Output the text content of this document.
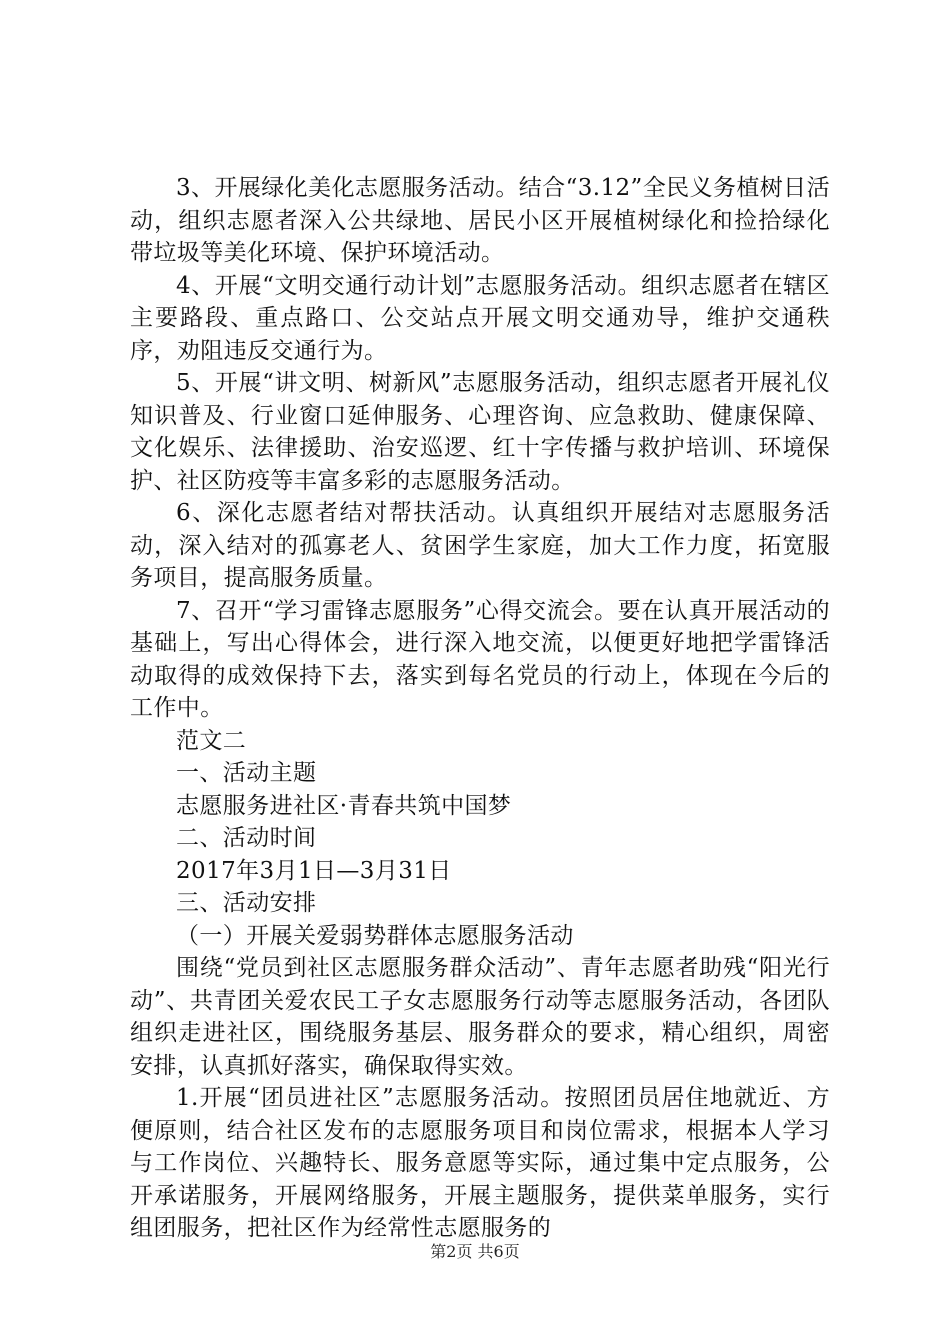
3、开展绿化美化志愿服务活动。结合“3.12”全民义务植树日活动，组织志愿者深入公共绿地、居民小区开展植树绿化和捡拾绿化带垃圾等美化环境、保护环境活动。

4、开展“文明交通行动计划”志愿服务活动。组织志愿者在辖区主要路段、重点路口、公交站点开展文明交通劝导，维护交通秩序，劝阻违反交通行为。

5、开展“讲文明、树新风”志愿服务活动，组织志愿者开展礼仪知识普及、行业窗口延伸服务、心理咨询、应急救助、健康保障、文化娱乐、法律援助、治安巡逻、红十字传播与救护培训、环境保护、社区防疫等丰富多彩的志愿服务活动。

6、深化志愿者结对帮扶活动。认真组织开展结对志愿服务活动，深入结对的孤寡老人、贫困学生家庭，加大工作力度，拓宽服务项目，提高服务质量。

7、召开“学习雷锋志愿服务”心得交流会。要在认真开展活动的基础上，写出心得体会，进行深入地交流，以便更好地把学雷锋活动取得的成效保持下去，落实到每名党员的行动上，体现在今后的工作中。

范文二

一、活动主题

志愿服务进社区·青春共筑中国梦

二、活动时间

2017年3月1日—3月31日

三、活动安排

（一）开展关爱弱势群体志愿服务活动

围绕“党员到社区志愿服务群众活动”、青年志愿者助残“阳光行动”、共青团关爱农民工子女志愿服务行动等志愿服务活动，各团队组织走进社区，围绕服务基层、服务群众的要求，精心组织，周密安排，认真抓好落实，确保取得实效。

1.开展“团员进社区”志愿服务活动。按照团员居住地就近、方便原则，结合社区发布的志愿服务项目和岗位需求，根据本人学习与工作岗位、兴趣特长、服务意愿等实际，通过集中定点服务，公开承诺服务，开展网络服务，开展主题服务，提供菜单服务，实行组团服务，把社区作为经常性志愿服务的

第2页 共6页
